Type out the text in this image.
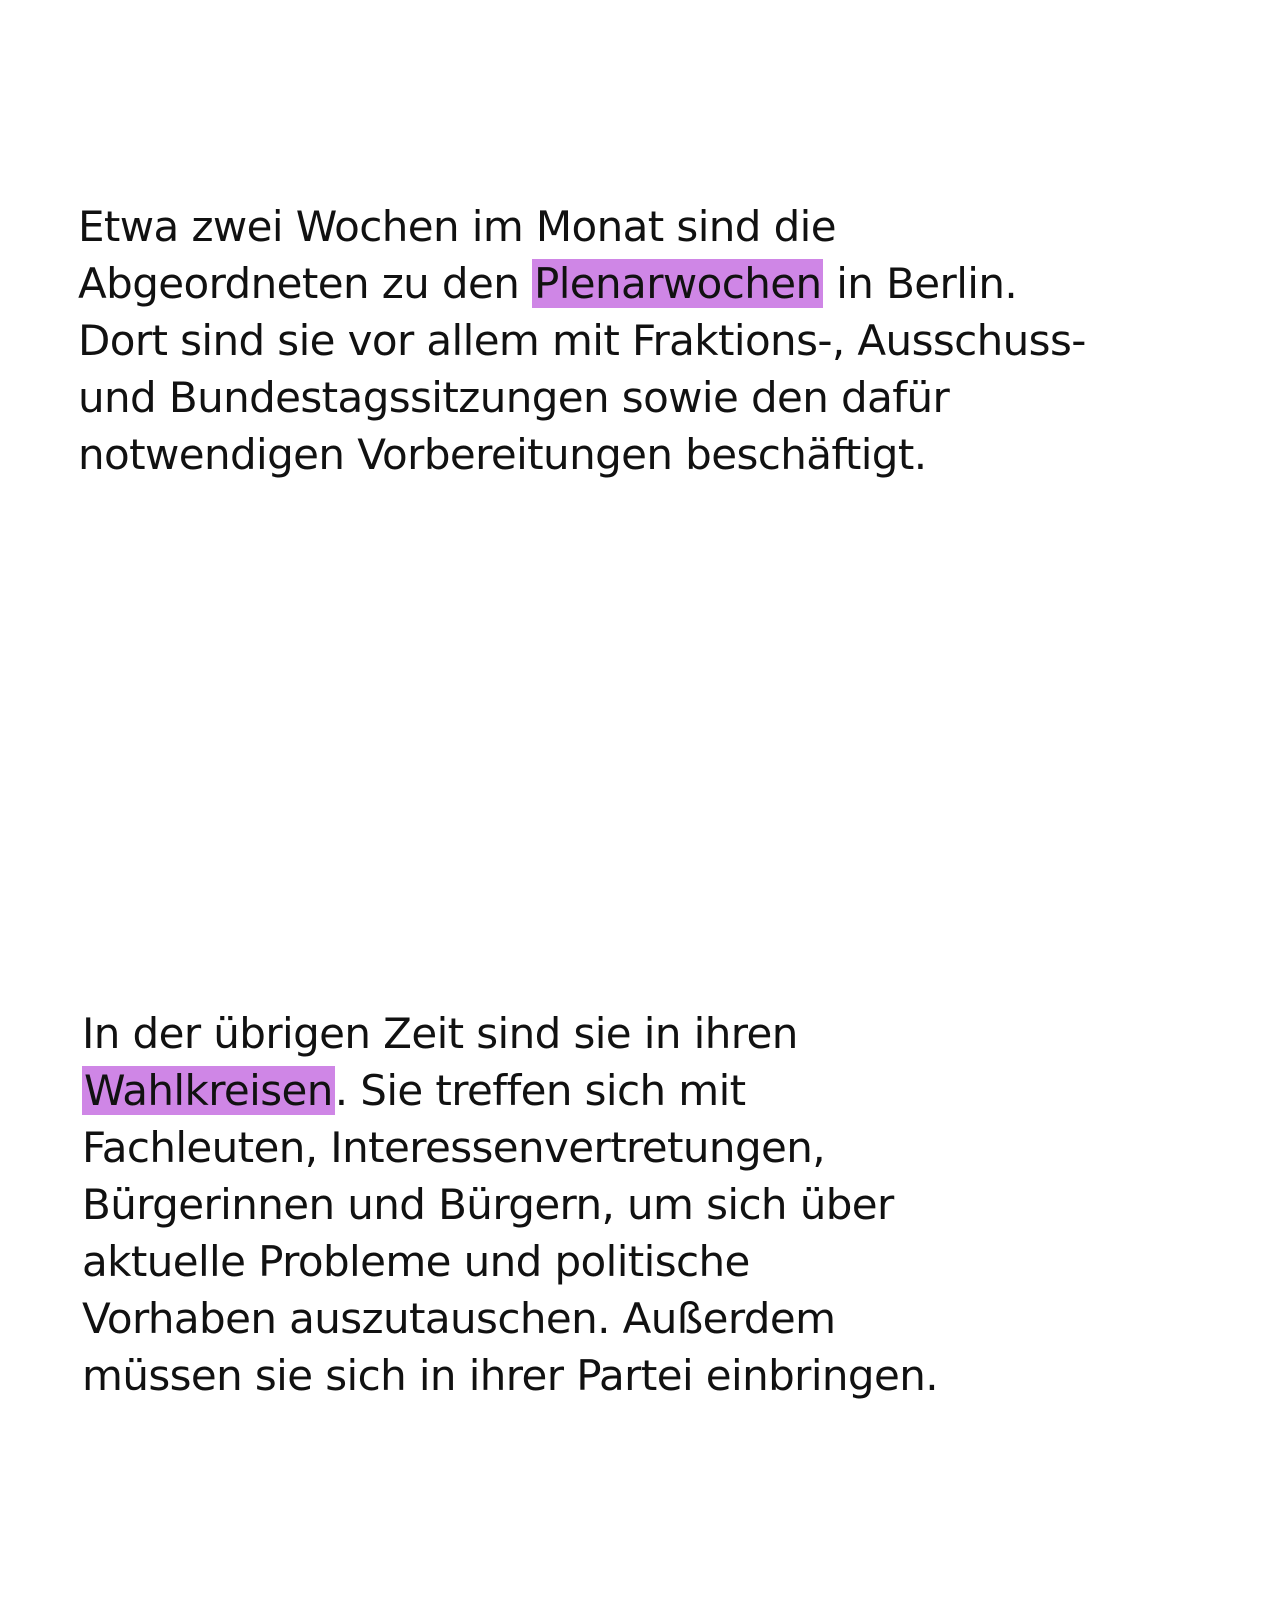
Etwa zwei Wochen im Monat sind die
Abgeordneten zu den Plenarwochen in Berlin.
Dort sind sie vor allem mit Fraktions-, Ausschuss-
und Bundestagssitzungen sowie den dafür
notwendigen Vorbereitungen beschäftigt.

In der übrigen Zeit sind sie in ihren
Wahlkreisen. Sie treffen sich mit
Fachleuten, Interessenvertretungen,
Bürgerinnen und Bürgern, um sich über
aktuelle Probleme und politische
Vorhaben auszutauschen. Außerdem
müssen sie sich in ihrer Partei einbringen.
